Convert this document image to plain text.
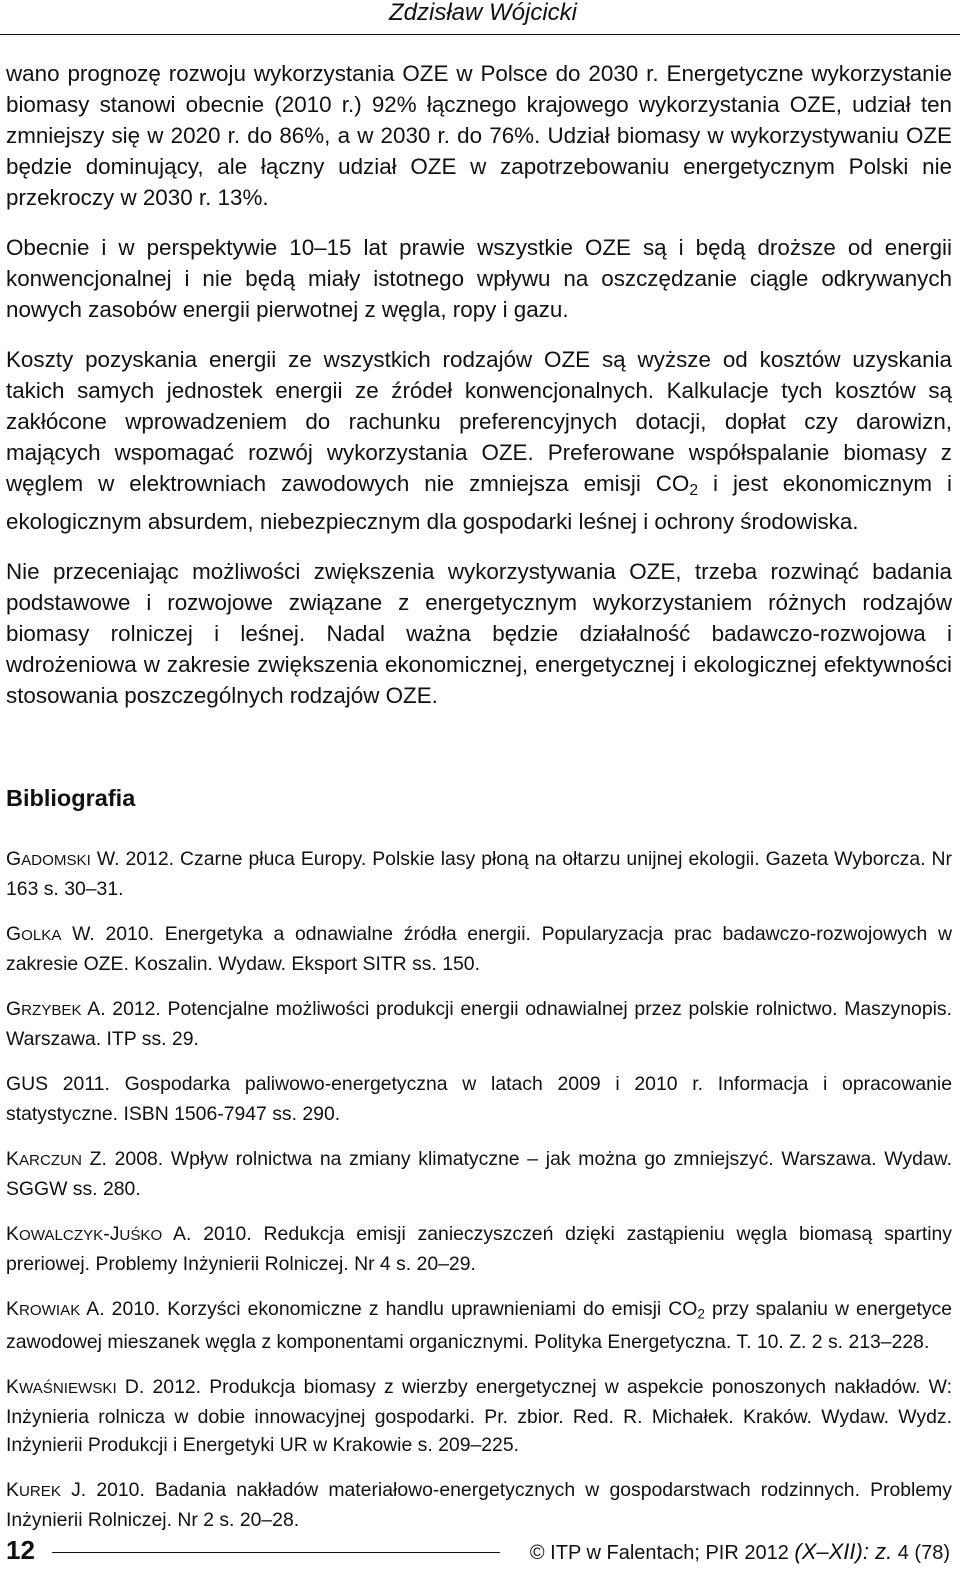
Zdzisław Wójcicki

wano prognozę rozwoju wykorzystania OZE w Polsce do 2030 r. Energetyczne wykorzystanie biomasy stanowi obecnie (2010 r.) 92% łącznego krajowego wykorzystania OZE, udział ten zmniejszy się w 2020 r. do 86%, a w 2030 r. do 76%. Udział biomasy w wykorzystywaniu OZE będzie dominujący, ale łączny udział OZE w zapotrzebowaniu energetycznym Polski nie przekroczy w 2030 r. 13%.

Obecnie i w perspektywie 10–15 lat prawie wszystkie OZE są i będą droższe od energii konwencjonalnej i nie będą miały istotnego wpływu na oszczędzanie ciągle odkrywanych nowych zasobów energii pierwotnej z węgla, ropy i gazu.

Koszty pozyskania energii ze wszystkich rodzajów OZE są wyższe od kosztów uzyskania takich samych jednostek energii ze źródeł konwencjonalnych. Kalkulacje tych kosztów są zakłócone wprowadzeniem do rachunku preferencyjnych dotacji, dopłat czy darowizn, mających wspomagać rozwój wykorzystania OZE. Preferowane współspalanie biomasy z węglem w elektrowniach zawodowych nie zmniejsza emisji $CO_2$ i jest ekonomicznym i ekologicznym absurdem, niebezpiecznym dla gospodarki leśnej i ochrony środowiska.

Nie przeceniając możliwości zwiększenia wykorzystywania OZE, trzeba rozwinąć badania podstawowe i rozwojowe związane z energetycznym wykorzystaniem różnych rodzajów biomasy rolniczej i leśnej. Nadal ważna będzie działalność badawczo-rozwojowa i wdrożeniowa w zakresie zwiększenia ekonomicznej, energetycznej i ekologicznej efektywności stosowania poszczególnych rodzajów OZE.

Bibliografia
GADOMSKI W. 2012. Czarne płuca Europy. Polskie lasy płoną na ołtarzu unijnej ekologii. Gazeta Wyborcza. Nr 163 s. 30–31.
GOLKA W. 2010. Energetyka a odnawialne źródła energii. Popularyzacja prac badawczo-rozwojowych w zakresie OZE. Koszalin. Wydaw. Eksport SITR ss. 150.
GRZYBEK A. 2012. Potencjalne możliwości produkcji energii odnawialnej przez polskie rolnictwo. Maszynopis. Warszawa. ITP ss. 29.
GUS 2011. Gospodarka paliwowo-energetyczna w latach 2009 i 2010 r. Informacja i opracowanie statystyczne. ISBN 1506-7947 ss. 290.
KARCZUN Z. 2008. Wpływ rolnictwa na zmiany klimatyczne – jak można go zmniejszyć. Warszawa. Wydaw. SGGW ss. 280.
KOWALCZYK-JUŚKO A. 2010. Redukcja emisji zanieczyszczeń dzięki zastąpieniu węgla biomasą spartiny preriowej. Problemy Inżynierii Rolniczej. Nr 4 s. 20–29.
KROWIAK A. 2010. Korzyści ekonomiczne z handlu uprawnieniami do emisji $CO_2$ przy spalaniu w energetyce zawodowej mieszanek węgla z komponentami organicznymi. Polityka Energetyczna. T. 10. Z. 2 s. 213–228.
KWAŚNIEWSKI D. 2012. Produkcja biomasy z wierzby energetycznej w aspekcie ponoszonych nakładów. W: Inżynieria rolnicza w dobie innowacyjnej gospodarki. Pr. zbior. Red. R. Michałek. Kraków. Wydaw. Wydz. Inżynierii Produkcji i Energetyki UR w Krakowie s. 209–225.
KUREK J. 2010. Badania nakładów materiałowo-energetycznych w gospodarstwach rodzinnych. Problemy Inżynierii Rolniczej. Nr 2 s. 20–28.
12	© ITP w Falentach; PIR 2012 (X–XII): z. 4 (78)
